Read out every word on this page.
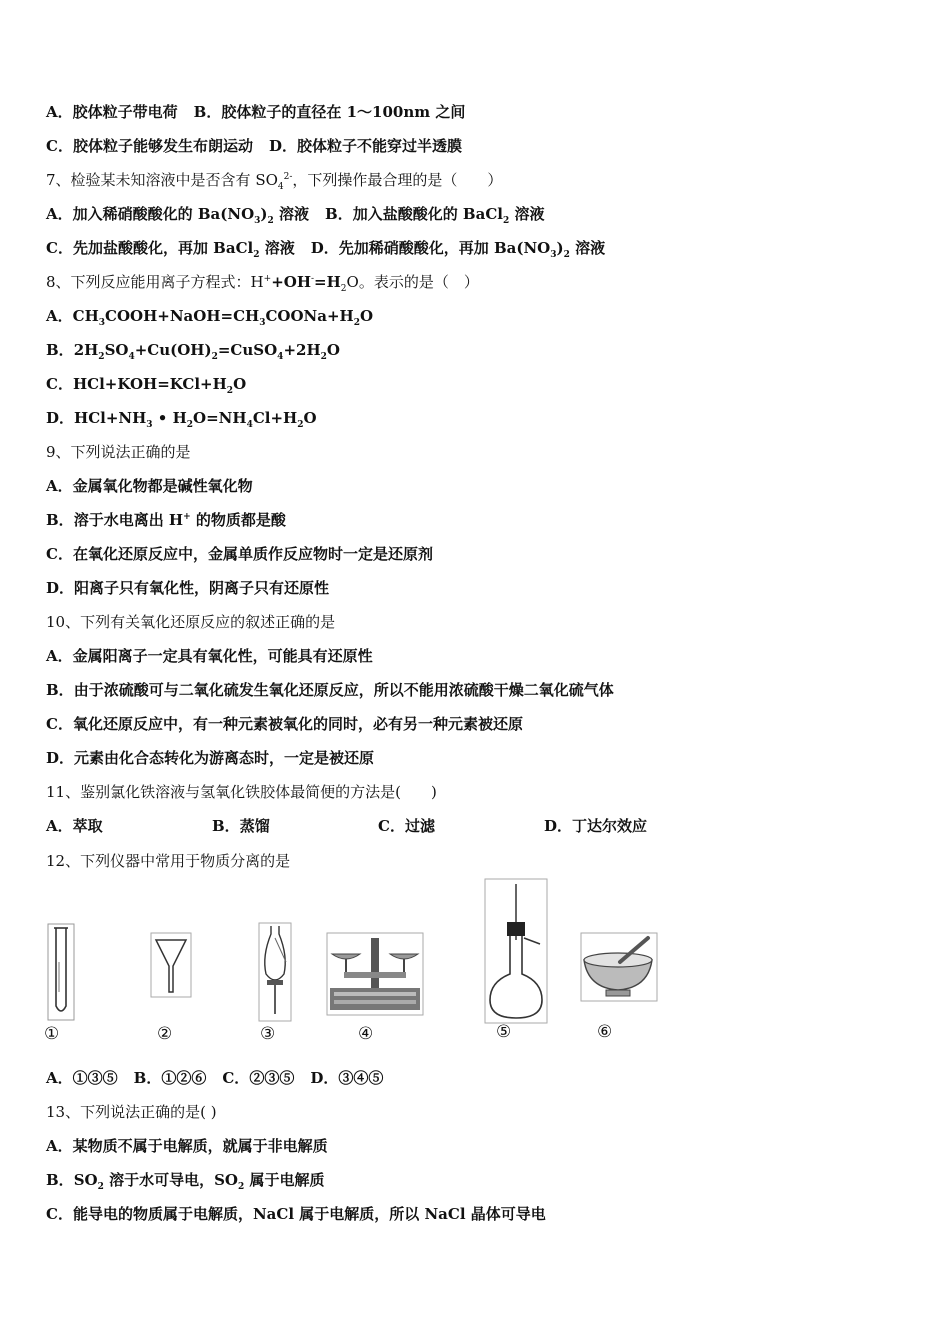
A．胶体粒子带电荷 B．胶体粒子的直径在 1～100nm 之间
C．胶体粒子能够发生布朗运动 D．胶体粒子不能穿过半透膜
7、检验某未知溶液中是否含有 $SO_4^{2-}$，下列操作最合理的是（　　）
A．加入稀硝酸酸化的 $Ba(NO_3)_2$ 溶液 B．加入盐酸酸化的 BaCl$_2$ 溶液
C．先加盐酸酸化，再加 BaCl$_2$ 溶液 D．先加稀硝酸酸化，再加 $Ba(NO_3)_2$ 溶液
8、下列反应能用离子方程式：$H^++OH^-=H_2O$。表示的是（　）
A．$CH_3COOH+NaOH=CH_3COONa+H_2O$
B．$2H_2SO_4+Cu(OH)_2=CuSO_4+2H_2O$
C．$HCl+KOH=KCl+H_2O$
D．$HCl+NH_3$ • $H_2O=NH_4Cl+H_2O$
9、下列说法正确的是
A．金属氧化物都是碱性氧化物
B．溶于水电离出 H+ 的物质都是酸
C．在氧化还原反应中，金属单质作反应物时一定是还原剂
D．阳离子只有氧化性，阴离子只有还原性
10、下列有关氧化还原反应的叙述正确的是
A．金属阳离子一定具有氧化性，可能具有还原性
B．由于浓硫酸可与二氧化硫发生氧化还原反应，所以不能用浓硫酸干燥二氧化硫气体
C．氧化还原反应中，有一种元素被氧化的同时，必有另一种元素被还原
D．元素由化合态转化为游离态时，一定是被还原
11、鉴别氯化铁溶液与氢氧化铁胶体最简便的方法是(　　)
A．萃取	B．蒸馏	C．过滤	D．丁达尔效应
12、下列仪器中常用于物质分离的是
①	②	③	④	⑤	⑥
A．①③⑤ B．①②⑥ C．②③⑤ D．③④⑤
13、下列说法正确的是( )
A．某物质不属于电解质，就属于非电解质
B．$SO_2$ 溶于水可导电，$SO_2$ 属于电解质
C．能导电的物质属于电解质，NaCl 属于电解质，所以 NaCl 晶体可导电
